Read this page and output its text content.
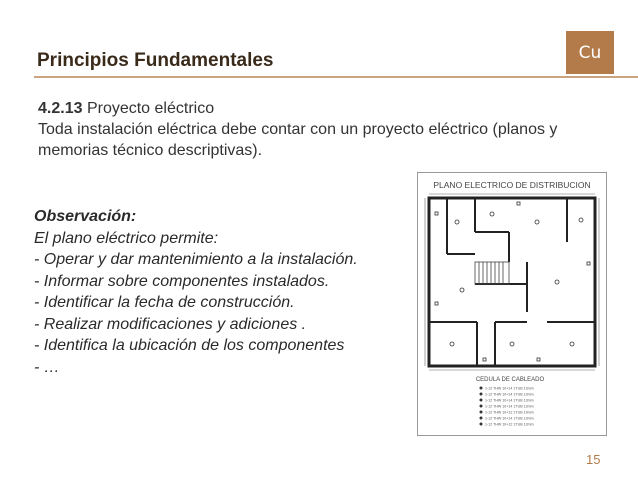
Cu
Principios Fundamentales
4.2.13 Proyecto eléctrico
Toda instalación eléctrica debe contar con un proyecto eléctrico (planos y memorias técnico descriptivas).
Observación:
El plano eléctrico permite:
- Operar y dar mantenimiento a la instalación.
- Informar sobre componentes instalados.
- Identificar la fecha de construcción.
- Realizar modificaciones y adiciones .
- Identifica la ubicación de los componentes
- …
PLANO ELECTRICO DE DISTRIBUCION
CEDULA DE CABLEADO
1-12 THW 10+14 1TUB 13mm
1-12 THW 10+14 1TUB 13mm
1-12 THW 10+14 1TUB 13mm
1-12 THW 10+14 1TUB 13mm
1-12 THW 10+12 1TUB 19mm
1-12 THW 10+14 1TUB 13mm
1-12 THW 10+12 1TUB 13mm
15
